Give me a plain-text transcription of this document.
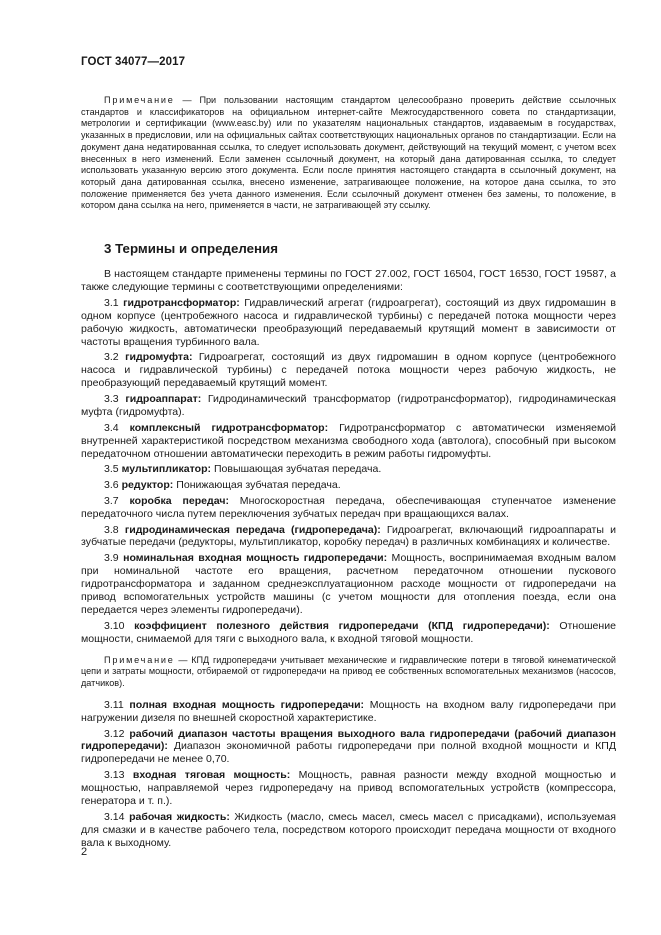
ГОСТ 34077—2017
Примечание — При пользовании настоящим стандартом целесообразно проверить действие ссылочных стандартов и классификаторов на официальном интернет-сайте Межгосударственного совета по стандартизации, метрологии и сертификации (www.easc.by) или по указателям национальных стандартов, издаваемым в государствах, указанных в предисловии, или на официальных сайтах соответствующих национальных органов по стандартизации. Если на документ дана недатированная ссылка, то следует использовать документ, действующий на текущий момент, с учетом всех внесенных в него изменений. Если заменен ссылочный документ, на который дана датированная ссылка, то следует использовать указанную версию этого документа. Если после принятия настоящего стандарта в ссылочный документ, на который дана датированная ссылка, внесено изменение, затрагивающее положение, на которое дана ссылка, то это положение применяется без учета данного изменения. Если ссылочный документ отменен без замены, то положение, в котором дана ссылка на него, применяется в части, не затрагивающей эту ссылку.
3 Термины и определения

В настоящем стандарте применены термины по ГОСТ 27.002, ГОСТ 16504, ГОСТ 16530, ГОСТ 19587, а также следующие термины с соответствующими определениями:

3.1 гидротрансформатор: Гидравлический агрегат (гидроагрегат), состоящий из двух гидромашин в одном корпусе (центробежного насоса и гидравлической турбины) с передачей потока мощности через рабочую жидкость, автоматически преобразующий передаваемый крутящий момент в зависимости от частоты вращения турбинного вала.

3.2 гидромуфта: Гидроагрегат, состоящий из двух гидромашин в одном корпусе (центробежного насоса и гидравлической турбины) с передачей потока мощности через рабочую жидкость, не преобразующий передаваемый крутящий момент.

3.3 гидроаппарат: Гидродинамический трансформатор (гидротрансформатор), гидродинамическая муфта (гидромуфта).

3.4 комплексный гидротрансформатор: Гидротрансформатор с автоматически изменяемой внутренней характеристикой посредством механизма свободного хода (автолога), способный при высоком передаточном отношении автоматически переходить в режим работы гидромуфты.

3.5 мультипликатор: Повышающая зубчатая передача.

3.6 редуктор: Понижающая зубчатая передача.

3.7 коробка передач: Многоскоростная передача, обеспечивающая ступенчатое изменение передаточного числа путем переключения зубчатых передач при вращающихся валах.

3.8 гидродинамическая передача (гидропередача): Гидроагрегат, включающий гидроаппараты и зубчатые передачи (редукторы, мультипликатор, коробку передач) в различных комбинациях и количестве.

3.9 номинальная входная мощность гидропередачи: Мощность, воспринимаемая входным валом при номинальной частоте его вращения, расчетном передаточном отношении пускового гидротрансформатора и заданном среднеэксплуатационном расходе мощности от гидропередачи на привод вспомогательных устройств машины (с учетом мощности для отопления поезда, если она передается через элементы гидропередачи).

3.10 коэффициент полезного действия гидропередачи (КПД гидропередачи): Отношение мощности, снимаемой для тяги с выходного вала, к входной тяговой мощности.

Примечание — КПД гидропередачи учитывает механические и гидравлические потери в тяговой кинематической цепи и затраты мощности, отбираемой от гидропередачи на привод ее собственных вспомогательных механизмов (насосов, датчиков).

3.11 полная входная мощность гидропередачи: Мощность на входном валу гидропередачи при нагружении дизеля по внешней скоростной характеристике.

3.12 рабочий диапазон частоты вращения выходного вала гидропередачи (рабочий диапазон гидропередачи): Диапазон экономичной работы гидропередачи при полной входной мощности и КПД гидропередачи не менее 0,70.

3.13 входная тяговая мощность: Мощность, равная разности между входной мощностью и мощностью, направляемой через гидропередачу на привод вспомогательных устройств (компрессора, генератора и т. п.).

3.14 рабочая жидкость: Жидкость (масло, смесь масел, смесь масел с присадками), используемая для смазки и в качестве рабочего тела, посредством которого происходит передача мощности от входного вала к выходному.

2
